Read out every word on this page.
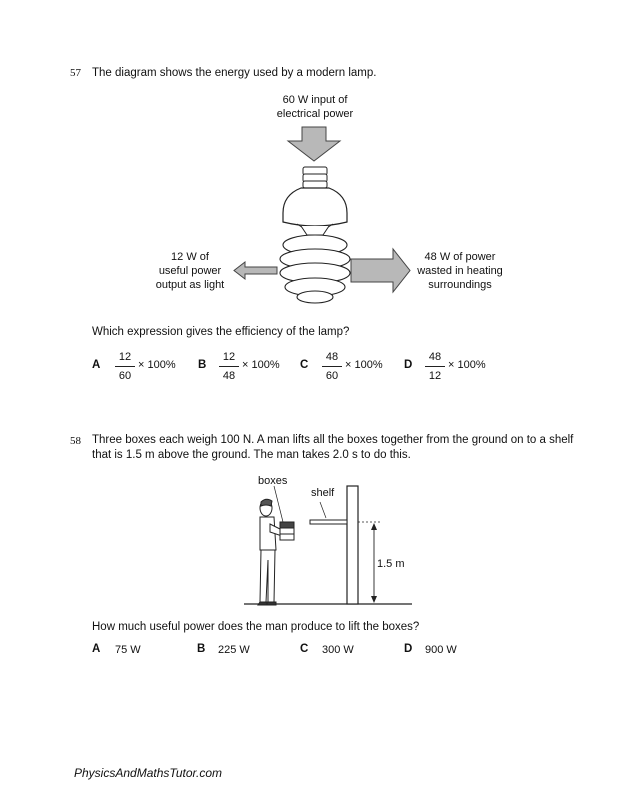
57 The diagram shows the energy used by a modern lamp.
60 W input of
electrical power
12 W of
useful power
output as light
48 W of power
wasted in heating
surroundings
Which expression gives the efficiency of the lamp?
A
12
60
× 100% B
12
48
× 100% C
48
60
× 100% D
48
12
× 100%
58 Three boxes each weigh 100 N. A man lifts all the boxes together from the ground on to a shelf
that is 1.5 m above the ground. The man takes 2.0 s to do this.
boxes
shelf
1.5 m
How much useful power does the man produce to lift the boxes?
A 75 W	B 225 W	C 300 W	D 900 W
PhysicsAndMathsTutor.com
